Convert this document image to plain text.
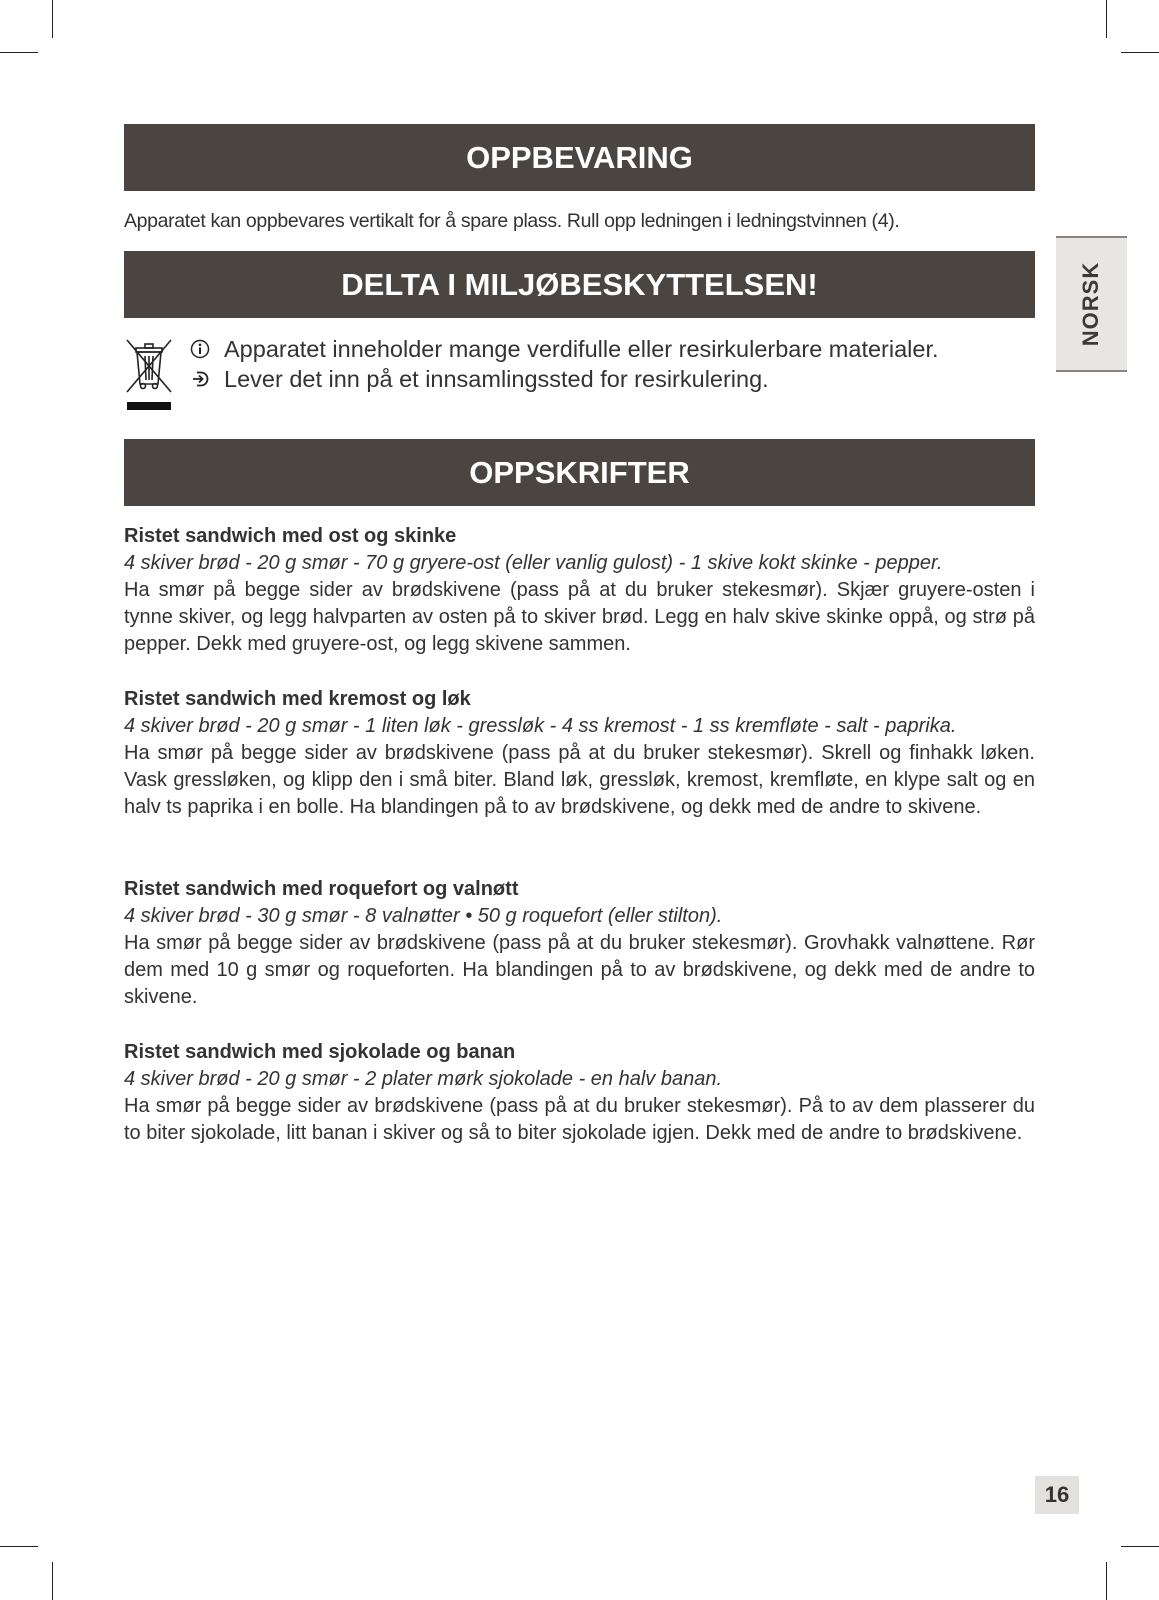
OPPBEVARING

Apparatet kan oppbevares vertikalt for å spare plass. Rull opp ledningen i ledningstvinnen (4).

DELTA I MILJØBESKYTTELSEN!
Apparatet inneholder mange verdifulle eller resirkulerbare materialer.
Lever det inn på et innsamlingssted for resirkulering.
OPPSKRIFTER
Ristet sandwich med ost og skinke
4 skiver brød - 20 g smør - 70 g gryere-ost (eller vanlig gulost) - 1 skive kokt skinke - pepper.
Ha smør på begge sider av brødskivene (pass på at du bruker stekesmør). Skjær gruyere-osten i tynne skiver, og legg halvparten av osten på to skiver brød. Legg en halv skive skinke oppå, og strø på pepper. Dekk med gruyere-ost, og legg skivene sammen.
Ristet sandwich med kremost og løk
4 skiver brød - 20 g smør - 1 liten løk - gressløk - 4 ss kremost - 1 ss kremfløte - salt - paprika.
Ha smør på begge sider av brødskivene (pass på at du bruker stekesmør). Skrell og finhakk løken. Vask gressløken, og klipp den i små biter. Bland løk, gressløk, kremost, kremfløte, en klype salt og en halv ts paprika i en bolle. Ha blandingen på to av brødskivene, og dekk med de andre to skivene.
Ristet sandwich med roquefort og valnøtt
4 skiver brød - 30 g smør - 8 valnøtter • 50 g roquefort (eller stilton).
Ha smør på begge sider av brødskivene (pass på at du bruker stekesmør). Grovhakk valnøttene. Rør dem med 10 g smør og roqueforten. Ha blandingen på to av brødskivene, og dekk med de andre to skivene.
Ristet sandwich med sjokolade og banan
4 skiver brød - 20 g smør - 2 plater mørk sjokolade - en halv banan.
Ha smør på begge sider av brødskivene (pass på at du bruker stekesmør). På to av dem plasserer du to biter sjokolade, litt banan i skiver og så to biter sjokolade igjen. Dekk med de andre to brødskivene.
NORSK
16
